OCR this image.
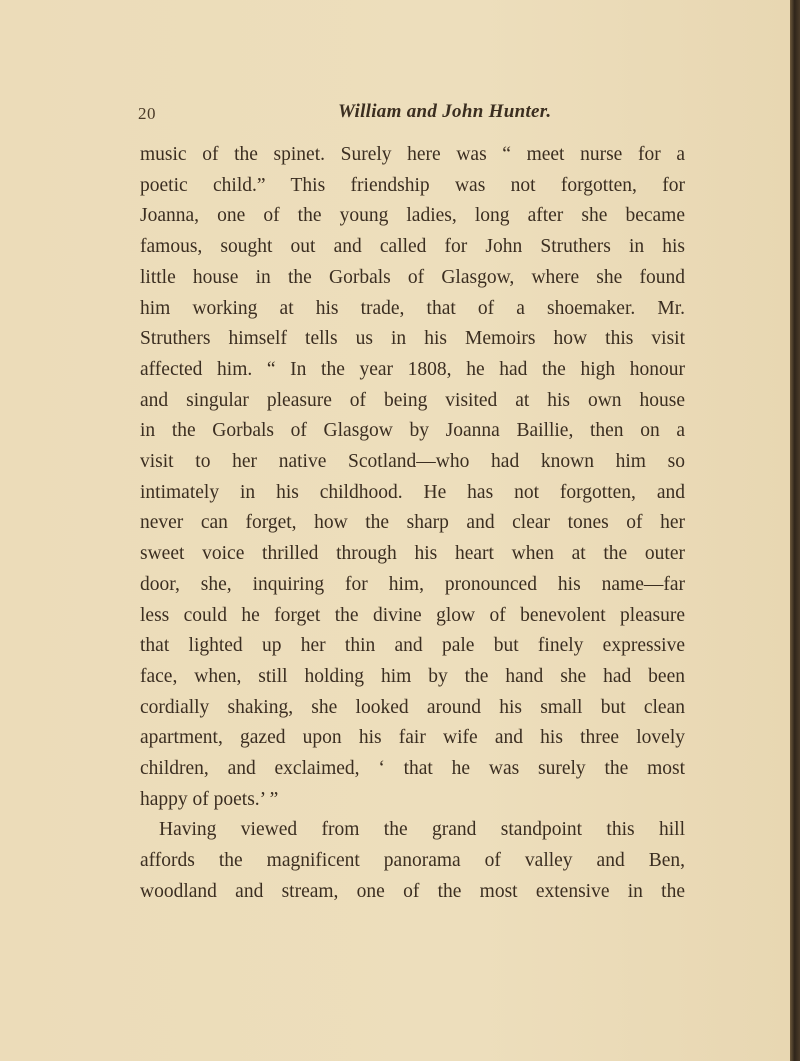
20	William and John Hunter.
music of the spinet. Surely here was “ meet nurse for a
poetic child.” This friendship was not forgotten, for
Joanna, one of the young ladies, long after she became
famous, sought out and called for John Struthers in his
little house in the Gorbals of Glasgow, where she found
him working at his trade, that of a shoemaker. Mr.
Struthers himself tells us in his Memoirs how this visit
affected him. “ In the year 1808, he had the high honour
and singular pleasure of being visited at his own house
in the Gorbals of Glasgow by Joanna Baillie, then on a
visit to her native Scotland—who had known him so
intimately in his childhood. He has not forgotten, and
never can forget, how the sharp and clear tones of her
sweet voice thrilled through his heart when at the outer
door, she, inquiring for him, pronounced his name—far
less could he forget the divine glow of benevolent pleasure
that lighted up her thin and pale but finely expressive
face, when, still holding him by the hand she had been
cordially shaking, she looked around his small but clean
apartment, gazed upon his fair wife and his three lovely
children, and exclaimed, ‘ that he was surely the most
happy of poets.’ ”
Having viewed from the grand standpoint this hill
affords the magnificent panorama of valley and Ben,
woodland and stream, one of the most extensive in the
